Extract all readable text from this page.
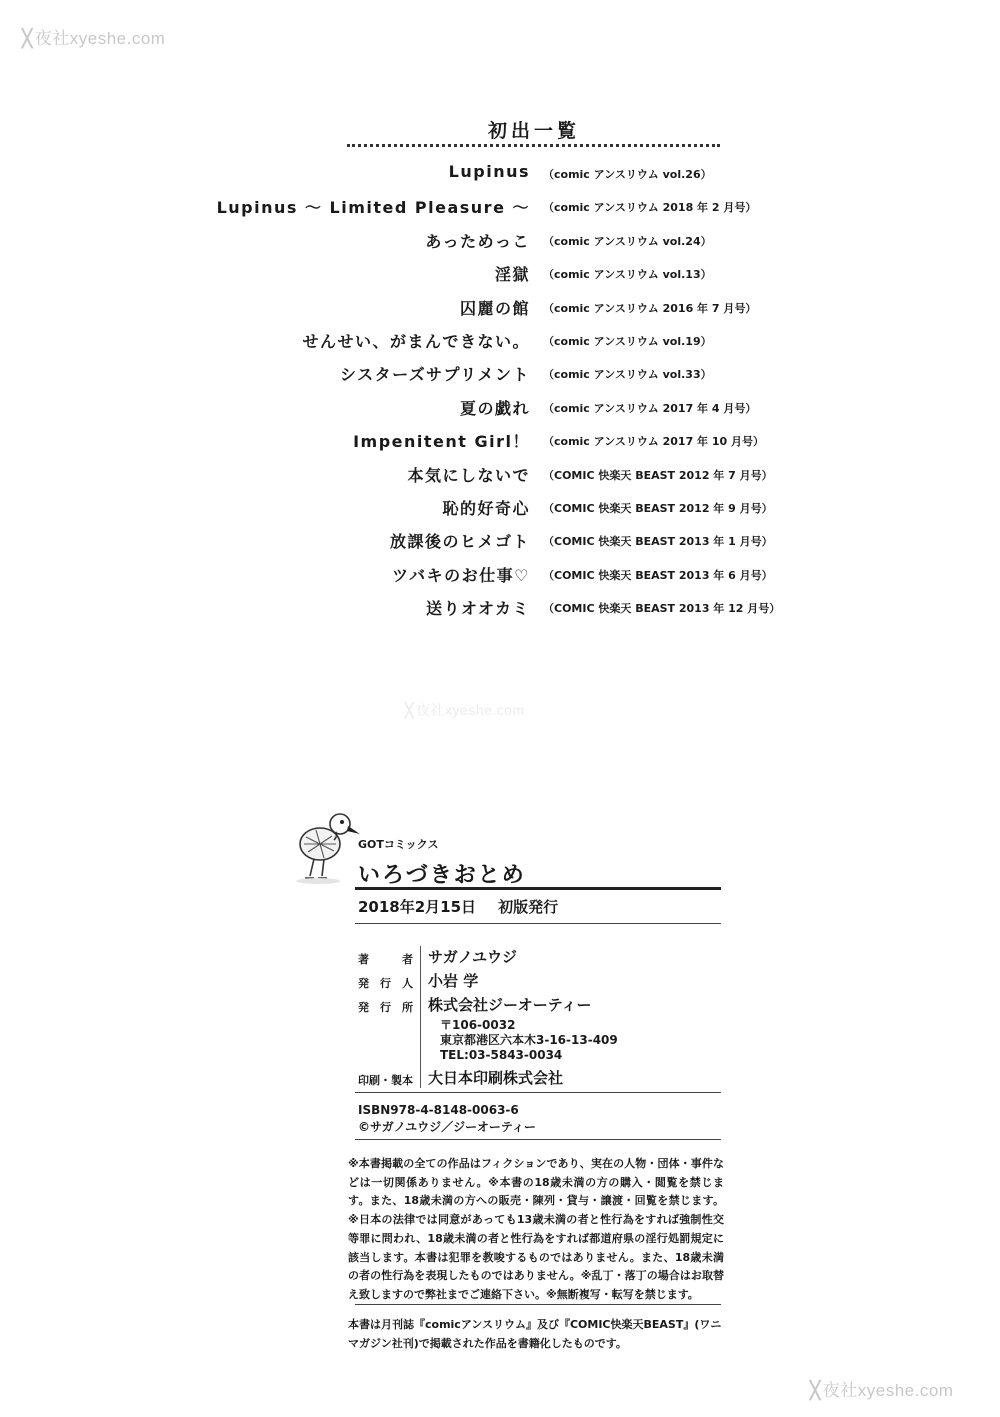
╳ 夜社xyeshe.com
╳ 夜社xyeshe.com
╳ 夜社xyeshe.com
初出一覧
Lupinus （comic アンスリウム vol.26）
Lupinus 〜 Limited Pleasure 〜 （comic アンスリウム 2018 年 2 月号）
あっためっこ （comic アンスリウム vol.24）
淫獄 （comic アンスリウム vol.13）
囚麗の館 （comic アンスリウム 2016 年 7 月号）
せんせい、がまんできない。 （comic アンスリウム vol.19）
シスターズサプリメント （comic アンスリウム vol.33）
夏の戯れ （comic アンスリウム 2017 年 4 月号）
Impenitent Girl！ （comic アンスリウム 2017 年 10 月号）
本気にしないで （COMIC 快楽天 BEAST 2012 年 7 月号）
恥的好奇心 （COMIC 快楽天 BEAST 2012 年 9 月号）
放課後のヒメゴト （COMIC 快楽天 BEAST 2013 年 1 月号）
ツバキのお仕事♡ （COMIC 快楽天 BEAST 2013 年 6 月号）
送りオオカミ （COMIC 快楽天 BEAST 2013 年 12 月号）
GOTコミックス
いろづきおとめ
2018年2月15日 初版発行
著 者 サガノユウジ
発行人 小岩 学
発行所 株式会社ジーオーティー
〒106-0032
東京都港区六本木3-16-13-409
TEL:03-5843-0034
印刷・製本 大日本印刷株式会社
ISBN978-4-8148-0063-6
©サガノユウジ／ジーオーティー
※本書掲載の全ての作品はフィクションであり、実在の人物・団体・事件などは一切関係ありません。※本書の18歳未満の方の購入・閲覧を禁じます。また、18歳未満の方への販売・陳列・貸与・譲渡・回覧を禁じます。※日本の法律では同意があっても13歳未満の者と性行為をすれば強制性交等罪に問われ、18歳未満の者と性行為をすれば都道府県の淫行処罰規定に該当します。本書は犯罪を教唆するものではありません。また、18歳未満の者の性行為を表現したものではありません。※乱丁・落丁の場合はお取替え致しますので弊社までご連絡下さい。※無断複写・転写を禁じます。
本書は月刊誌『comicアンスリウム』及び『COMIC快楽天BEAST』(ワニマガジン社刊)で掲載された作品を書籍化したものです。
